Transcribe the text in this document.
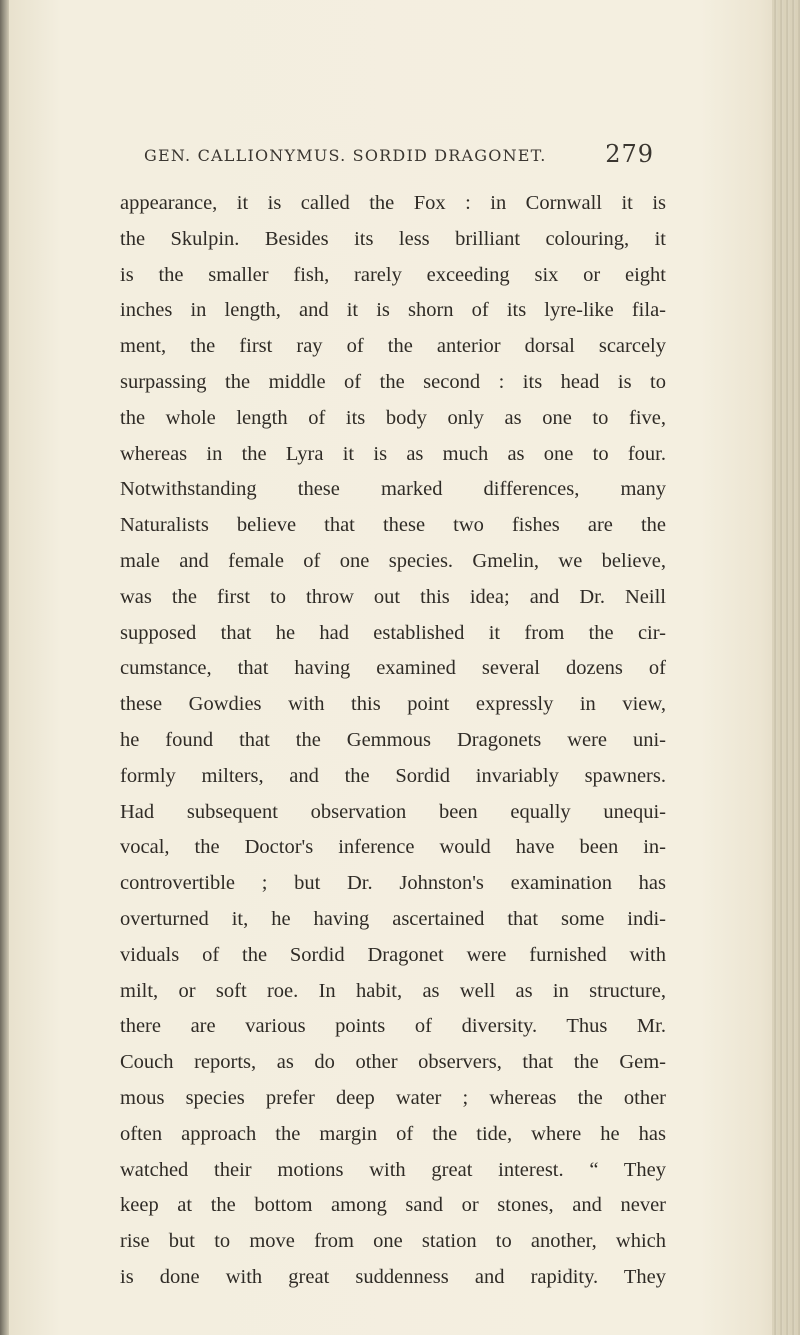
GEN. CALLIONYMUS. SORDID DRAGONET. 279
appearance, it is called the Fox : in Cornwall it is
the Skulpin. Besides its less brilliant colouring, it
is the smaller fish, rarely exceeding six or eight
inches in length, and it is shorn of its lyre-like fila-
ment, the first ray of the anterior dorsal scarcely
surpassing the middle of the second : its head is to
the whole length of its body only as one to five,
whereas in the Lyra it is as much as one to four.
Notwithstanding these marked differences, many
Naturalists believe that these two fishes are the
male and female of one species. Gmelin, we believe,
was the first to throw out this idea; and Dr. Neill
supposed that he had established it from the cir-
cumstance, that having examined several dozens of
these Gowdies with this point expressly in view,
he found that the Gemmous Dragonets were uni-
formly milters, and the Sordid invariably spawners.
Had subsequent observation been equally unequi-
vocal, the Doctor's inference would have been in-
controvertible ; but Dr. Johnston's examination has
overturned it, he having ascertained that some indi-
viduals of the Sordid Dragonet were furnished with
milt, or soft roe. In habit, as well as in structure,
there are various points of diversity. Thus Mr.
Couch reports, as do other observers, that the Gem-
mous species prefer deep water ; whereas the other
often approach the margin of the tide, where he has
watched their motions with great interest. “ They
keep at the bottom among sand or stones, and never
rise but to move from one station to another, which
is done with great suddenness and rapidity. They
